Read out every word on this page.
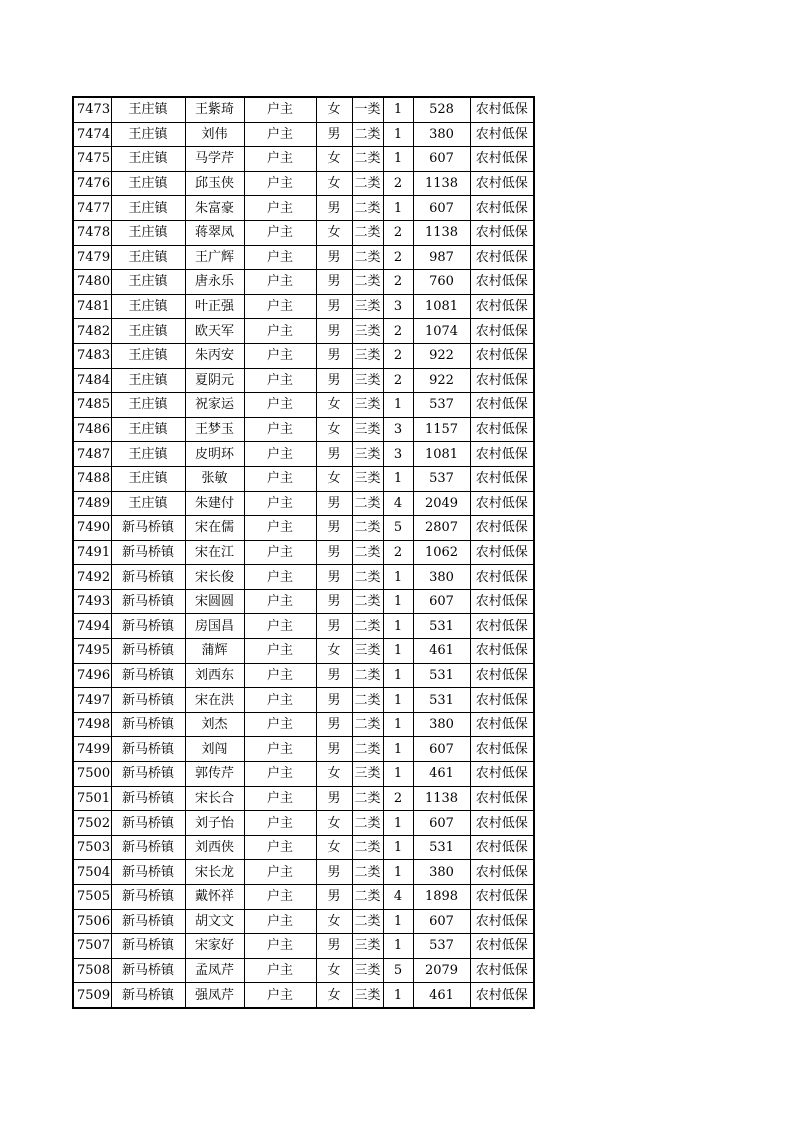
7473	王庄镇	王紫琦	户主	女	一类	1	528	农村低保
7474	王庄镇	刘伟	户主	男	二类	1	380	农村低保
7475	王庄镇	马学芹	户主	女	二类	1	607	农村低保
7476	王庄镇	邱玉侠	户主	女	二类	2	1138	农村低保
7477	王庄镇	朱富豪	户主	男	二类	1	607	农村低保
7478	王庄镇	蒋翠凤	户主	女	二类	2	1138	农村低保
7479	王庄镇	王广辉	户主	男	二类	2	987	农村低保
7480	王庄镇	唐永乐	户主	男	二类	2	760	农村低保
7481	王庄镇	叶正强	户主	男	三类	3	1081	农村低保
7482	王庄镇	欧天军	户主	男	三类	2	1074	农村低保
7483	王庄镇	朱丙安	户主	男	三类	2	922	农村低保
7484	王庄镇	夏阴元	户主	男	三类	2	922	农村低保
7485	王庄镇	祝家运	户主	女	三类	1	537	农村低保
7486	王庄镇	王梦玉	户主	女	三类	3	1157	农村低保
7487	王庄镇	皮明环	户主	男	三类	3	1081	农村低保
7488	王庄镇	张敏	户主	女	三类	1	537	农村低保
7489	王庄镇	朱建付	户主	男	二类	4	2049	农村低保
7490	新马桥镇	宋在儒	户主	男	二类	5	2807	农村低保
7491	新马桥镇	宋在江	户主	男	二类	2	1062	农村低保
7492	新马桥镇	宋长俊	户主	男	二类	1	380	农村低保
7493	新马桥镇	宋圆圆	户主	男	二类	1	607	农村低保
7494	新马桥镇	房国昌	户主	男	二类	1	531	农村低保
7495	新马桥镇	蒲辉	户主	女	三类	1	461	农村低保
7496	新马桥镇	刘西东	户主	男	二类	1	531	农村低保
7497	新马桥镇	宋在洪	户主	男	二类	1	531	农村低保
7498	新马桥镇	刘杰	户主	男	二类	1	380	农村低保
7499	新马桥镇	刘闯	户主	男	二类	1	607	农村低保
7500	新马桥镇	郭传芹	户主	女	三类	1	461	农村低保
7501	新马桥镇	宋长合	户主	男	二类	2	1138	农村低保
7502	新马桥镇	刘子怡	户主	女	二类	1	607	农村低保
7503	新马桥镇	刘西侠	户主	女	二类	1	531	农村低保
7504	新马桥镇	宋长龙	户主	男	二类	1	380	农村低保
7505	新马桥镇	戴怀祥	户主	男	二类	4	1898	农村低保
7506	新马桥镇	胡文文	户主	女	二类	1	607	农村低保
7507	新马桥镇	宋家好	户主	男	三类	1	537	农村低保
7508	新马桥镇	孟凤芹	户主	女	三类	5	2079	农村低保
7509	新马桥镇	强凤芹	户主	女	三类	1	461	农村低保
